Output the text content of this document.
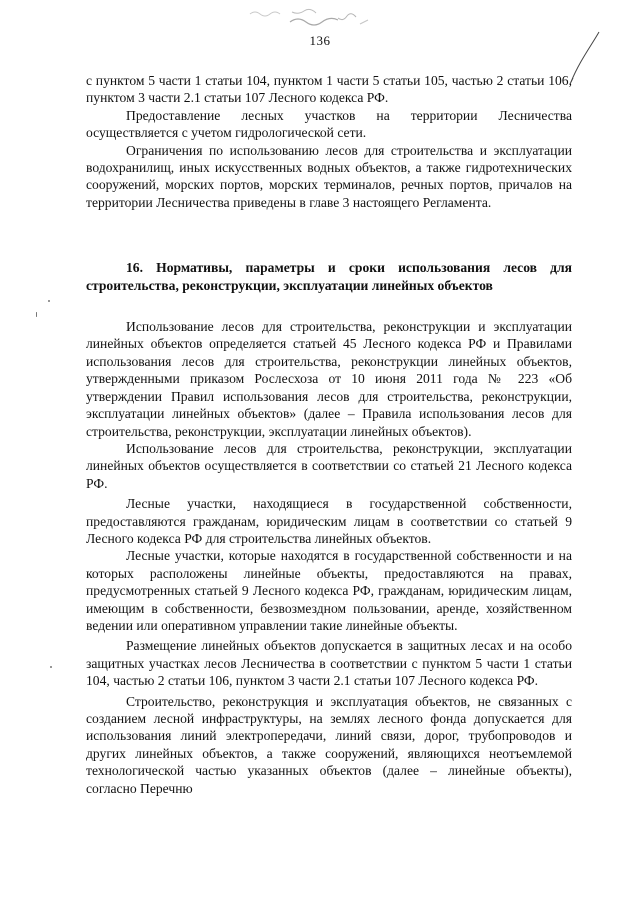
136

с пунктом 5 части 1 статьи 104, пунктом 1 части 5 статьи 105, частью 2 статьи 106, пунктом 3 части 2.1 статьи 107 Лесного кодекса РФ.

Предоставление лесных участков на территории Лесничества осуществляется с учетом гидрологической сети.

Ограничения по использованию лесов для строительства и эксплуатации водохранилищ, иных искусственных водных объектов, а также гидротехнических сооружений, морских портов, морских терминалов, речных портов, причалов на территории Лесничества приведены в главе 3 настоящего Регламента.

16. Нормативы, параметры и сроки использования лесов для строительства, реконструкции, эксплуатации линейных объектов

Использование лесов для строительства, реконструкции и эксплуатации линейных объектов определяется статьей 45 Лесного кодекса РФ и Правилами использования лесов для строительства, реконструкции линейных объектов, утвержденными приказом Рослесхоза от 10 июня 2011 года № 223 «Об утверждении Правил использования лесов для строительства, реконструкции, эксплуатации линейных объектов» (далее – Правила использования лесов для строительства, реконструкции, эксплуатации линейных объектов).

Использование лесов для строительства, реконструкции, эксплуатации линейных объектов осуществляется в соответствии со статьей 21 Лесного кодекса РФ.

Лесные участки, находящиеся в государственной собственности, предоставляются гражданам, юридическим лицам в соответствии со статьей 9 Лесного кодекса РФ для строительства линейных объектов.

Лесные участки, которые находятся в государственной собственности и на которых расположены линейные объекты, предоставляются на правах, предусмотренных статьей 9 Лесного кодекса РФ, гражданам, юридическим лицам, имеющим в собственности, безвозмездном пользовании, аренде, хозяйственном ведении или оперативном управлении такие линейные объекты.

Размещение линейных объектов допускается в защитных лесах и на особо защитных участках лесов Лесничества в соответствии с пунктом 5 части 1 статьи 104, частью 2 статьи 106, пунктом 3 части 2.1 статьи 107 Лесного кодекса РФ.

Строительство, реконструкция и эксплуатация объектов, не связанных с созданием лесной инфраструктуры, на землях лесного фонда допускается для использования линий электропередачи, линий связи, дорог, трубопроводов и других линейных объектов, а также сооружений, являющихся неотъемлемой технологической частью указанных объектов (далее – линейные объекты), согласно Перечню
